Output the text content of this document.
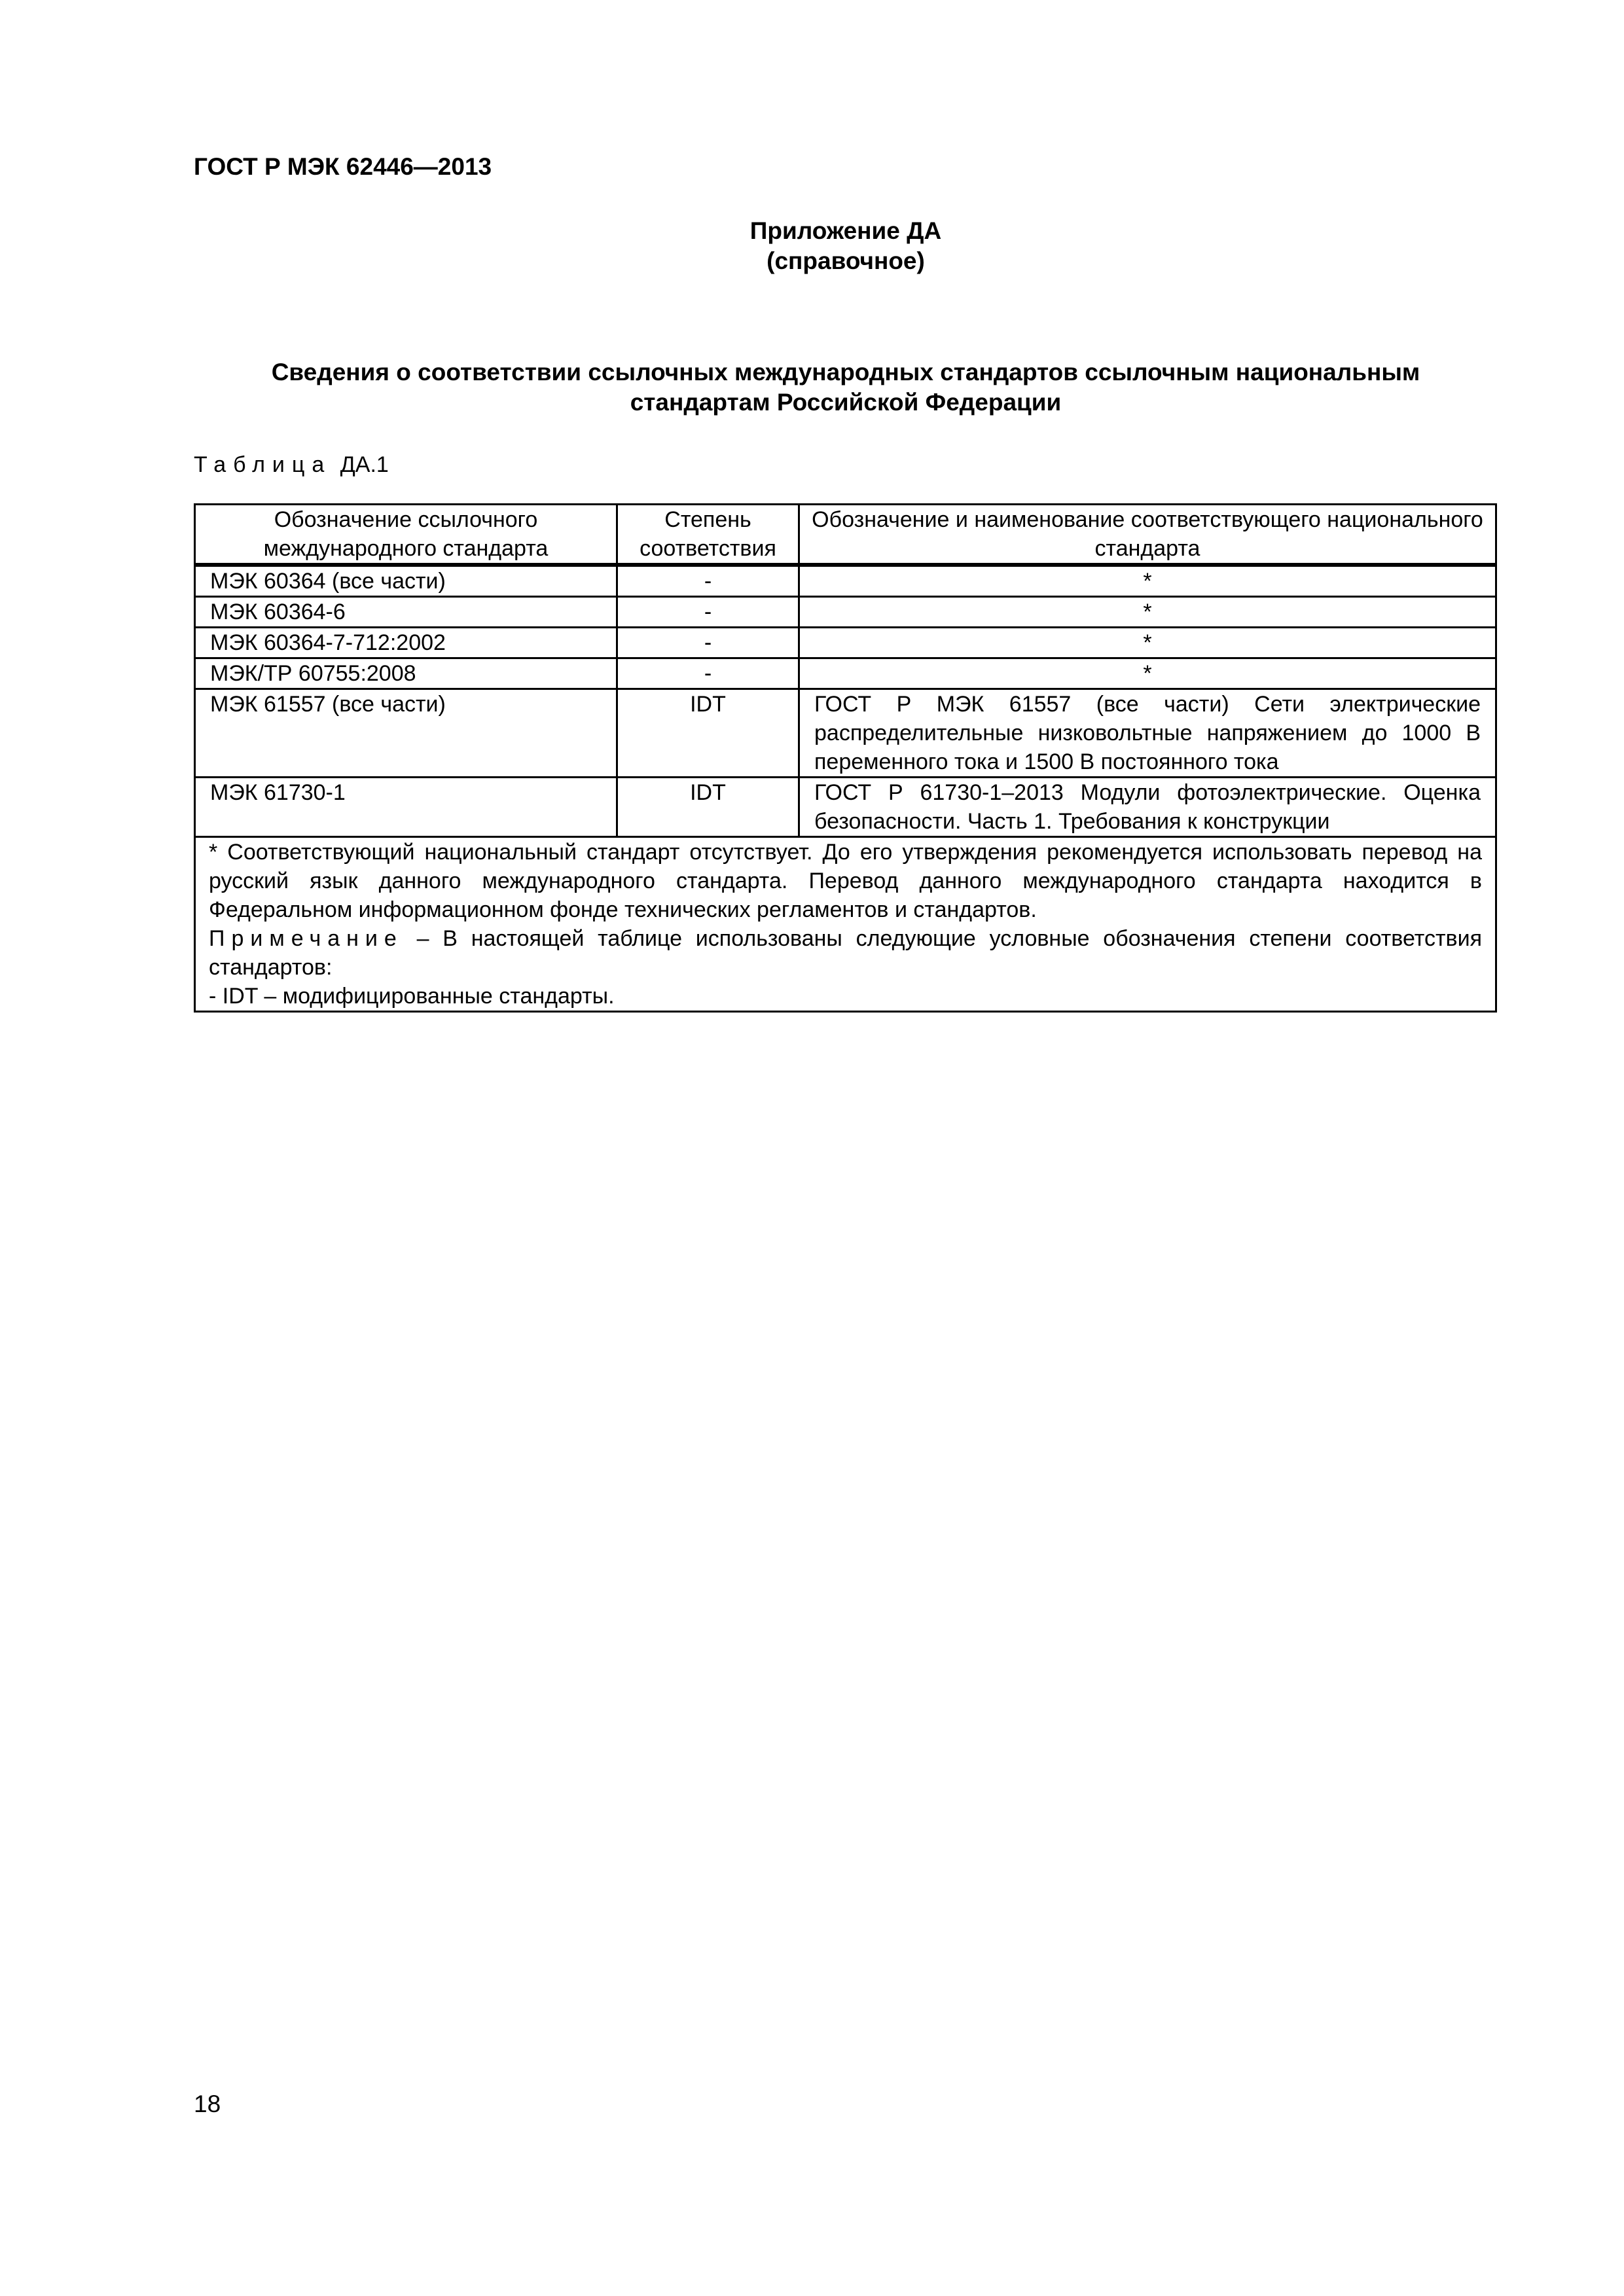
ГОСТ Р МЭК 62446—2013
Приложение ДА
(справочное)
Сведения о соответствии ссылочных международных стандартов ссылочным национальным
стандартам Российской Федерации
Таблица ДА.1
Обозначение ссылочного международного стандарта	Степень соответствия	Обозначение и наименование соответствующего национального стандарта
МЭК 60364 (все части)	-	*
МЭК 60364-6	-	*
МЭК 60364-7-712:2002	-	*
МЭК/ТР 60755:2008	-	*
МЭК 61557 (все части)	IDT	ГОСТ Р МЭК 61557 (все части) Сети электрические распределительные низковольтные напряжением до 1000 В переменного тока и 1500 В постоянного тока
МЭК 61730-1	IDT	ГОСТ Р 61730-1–2013 Модули фотоэлектрические. Оценка безопасности. Часть 1. Требования к конструкции

* Соответствующий национальный стандарт отсутствует. До его утверждения рекомендуется использовать перевод на русский язык данного международного стандарта. Перевод данного международного стандарта находится в Федеральном информационном фонде технических регламентов и стандартов.
Примечание – В настоящей таблице использованы следующие условные обозначения степени соответствия стандартов:
- IDT – модифицированные стандарты.		
18
